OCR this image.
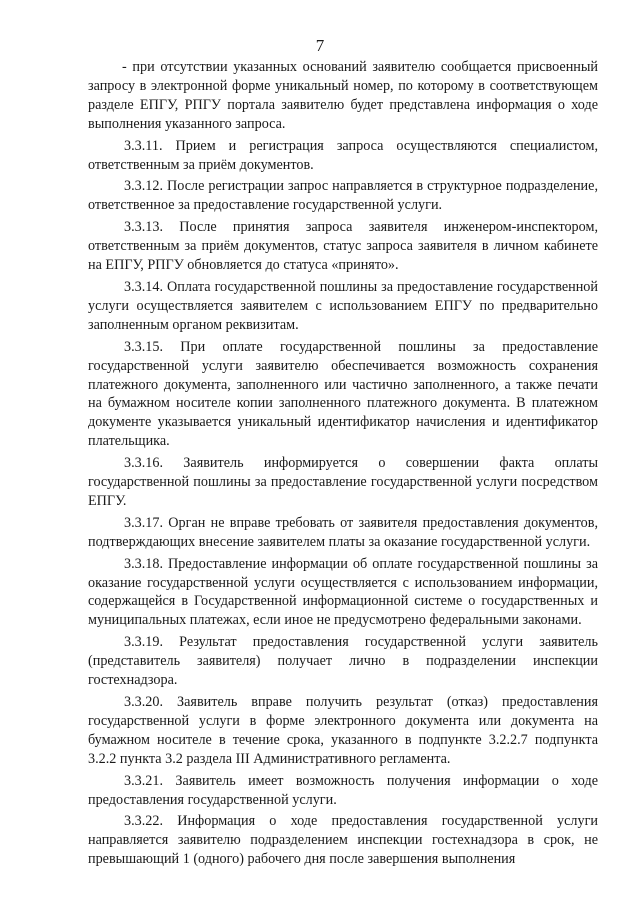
7

- при отсутствии указанных оснований заявителю сообщается присвоенный запросу в электронной форме уникальный номер, по которому в соответствующем разделе ЕПГУ, РПГУ портала заявителю будет представлена информация о ходе выполнения указанного запроса.

3.3.11. Прием и регистрация запроса осуществляются специалистом, ответственным за приём документов.

3.3.12. После регистрации запрос направляется в структурное подразделение, ответственное за предоставление государственной услуги.

3.3.13. После принятия запроса заявителя инженером-инспектором, ответственным за приём документов, статус запроса заявителя в личном кабинете на ЕПГУ, РПГУ обновляется до статуса «принято».

3.3.14. Оплата государственной пошлины за предоставление государственной услуги осуществляется заявителем с использованием ЕПГУ по предварительно заполненным органом реквизитам.

3.3.15. При оплате государственной пошлины за предоставление государственной услуги заявителю обеспечивается возможность сохранения платежного документа, заполненного или частично заполненного, а также печати на бумажном носителе копии заполненного платежного документа. В платежном документе указывается уникальный идентификатор начисления и идентификатор плательщика.

3.3.16. Заявитель информируется о совершении факта оплаты государственной пошлины за предоставление государственной услуги посредством ЕПГУ.

3.3.17. Орган не вправе требовать от заявителя предоставления документов, подтверждающих внесение заявителем платы за оказание государственной услуги.

3.3.18. Предоставление информации об оплате государственной пошлины за оказание государственной услуги осуществляется с использованием информации, содержащейся в Государственной информационной системе о государственных и муниципальных платежах, если иное не предусмотрено федеральными законами.

3.3.19. Результат предоставления государственной услуги заявитель (представитель заявителя) получает лично в подразделении инспекции гостехнадзора.

3.3.20. Заявитель вправе получить результат (отказ) предоставления государственной услуги в форме электронного документа или документа на бумажном носителе в течение срока, указанного в подпункте 3.2.2.7 подпункта 3.2.2 пункта 3.2 раздела III Административного регламента.

3.3.21. Заявитель имеет возможность получения информации о ходе предоставления государственной услуги.

3.3.22. Информация о ходе предоставления государственной услуги направляется заявителю подразделением инспекции гостехнадзора в срок, не превышающий 1 (одного) рабочего дня после завершения выполнения
